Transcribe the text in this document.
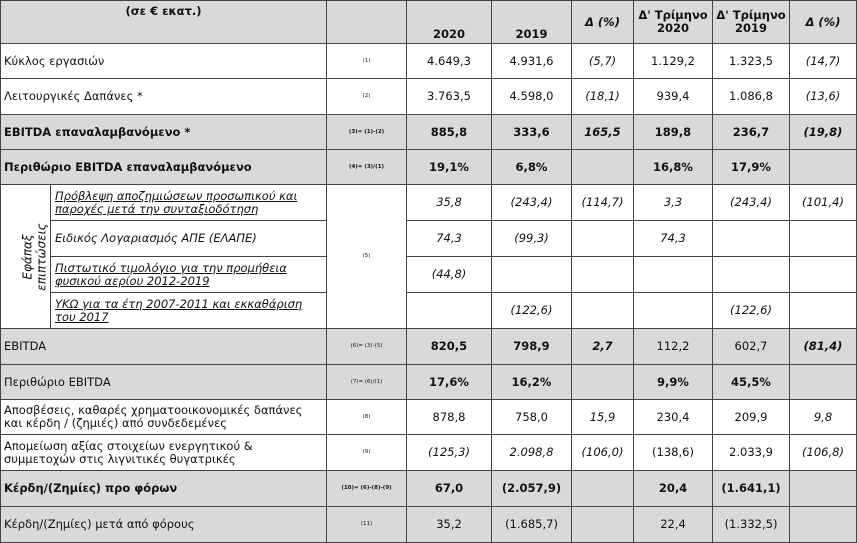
(σε € εκατ.)			2020	2019	Δ (%)	Δ' Τρίμηνο 2020	Δ' Τρίμηνο 2019	Δ (%)
Κύκλος εργασιών		(1)	4.649,3	4.931,6	(5,7)	1.129,2	1.323,5	(14,7)
Λειτουργικές Δαπάνες *		(2)	3.763,5	4.598,0	(18,1)	939,4	1.086,8	(13,6)
EBITDA επαναλαμβανόμενο *		(3)= (1)-(2)	885,8	333,6	165,5	189,8	236,7	(19,8)
Περιθώριο EBITDA επαναλαμβανόμενο		(4)= (3)/(1)	19,1%	6,8%		16,8%	17,9%	

Εφάπαξ επιπτώσεις	Πρόβλεψη αποζημιώσεων προσωπικού και παροχές μετά την συνταξιοδότηση	(5)	35,8	(243,4)	(114,7)	3,3	(243,4)	(101,4)
	Ειδικός Λογαριασμός ΑΠΕ (ΕΛΑΠΕ)		74,3	(99,3)		74,3		
	Πιστωτικό τιμολόγιο για την προμήθεια φυσικού αερίου 2012-2019		(44,8)					
	ΥΚΩ για τα έτη 2007-2011 και εκκαθάριση του 2017			(122,6)			(122,6)	
EBITDA		(6)= (3)-(5)	820,5	798,9	2,7	112,2	602,7	(81,4)
Περιθώριο EBITDA		(7)= (6)/(1)	17,6%	16,2%		9,9%	45,5%	
Αποσβέσεις, καθαρές χρηματοοικονομικές δαπάνες και κέρδη / (ζημιές) από συνδεδεμένες		(8)	878,8	758,0	15,9	230,4	209,9	9,8
Απομείωση αξίας στοιχείων ενεργητικού & συμμετοχών στις λιγνιτικές θυγατρικές		(9)	(125,3)	2.098,8	(106,0)	(138,6)	2.033,9	(106,8)
Κέρδη/(Ζημίες) προ φόρων		(10)= (6)-(8)-(9)	67,0	(2.057,9)		20,4	(1.641,1)	
Κέρδη/(Ζημίες) μετά από φόρους		(11)	35,2	(1.685,7)		22,4	(1.332,5)	
